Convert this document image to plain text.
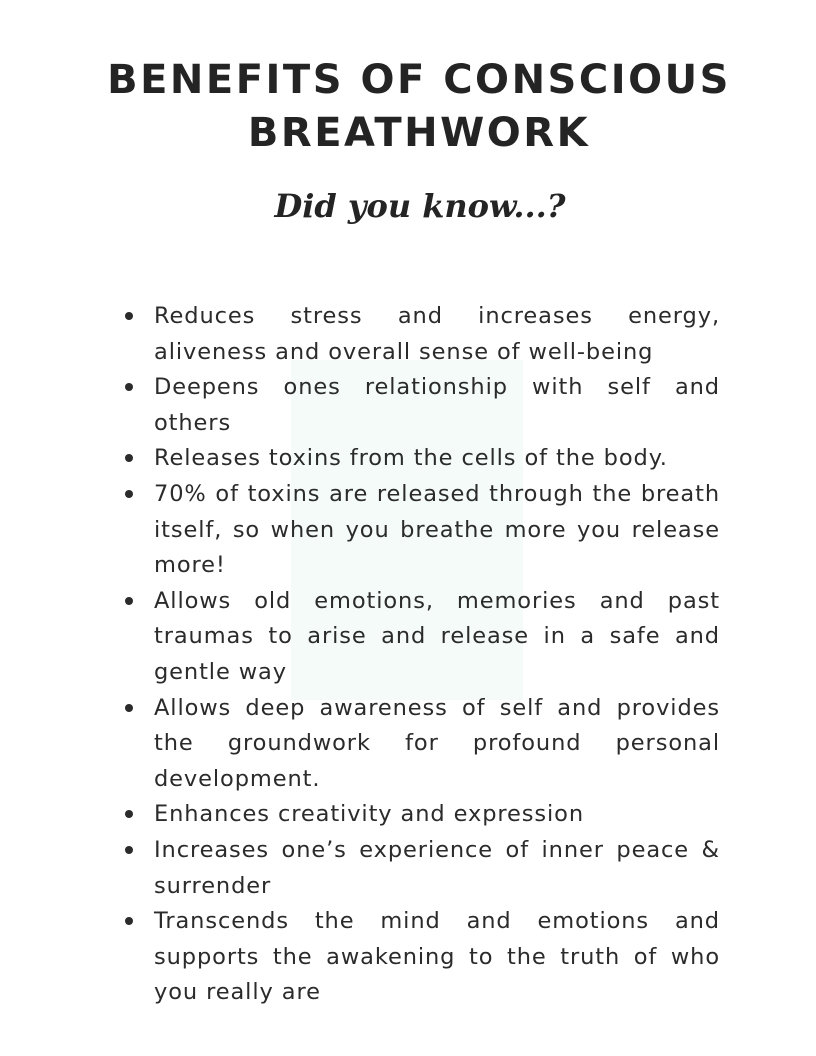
BENEFITS OF CONSCIOUS
BREATHWORK
Did you know...?
Reduces stress and increases energy, aliveness and overall sense of well-being
Deepens ones relationship with self and others
Releases toxins from the cells of the body.
70% of toxins are released through the breath itself, so when you breathe more you release more!
Allows old emotions, memories and past traumas to arise and release in a safe and gentle way
Allows deep awareness of self and provides the groundwork for profound personal development.
Enhances creativity and expression
Increases one’s experience of inner peace & surrender
Transcends the mind and emotions and supports the awakening to the truth of who you really are
